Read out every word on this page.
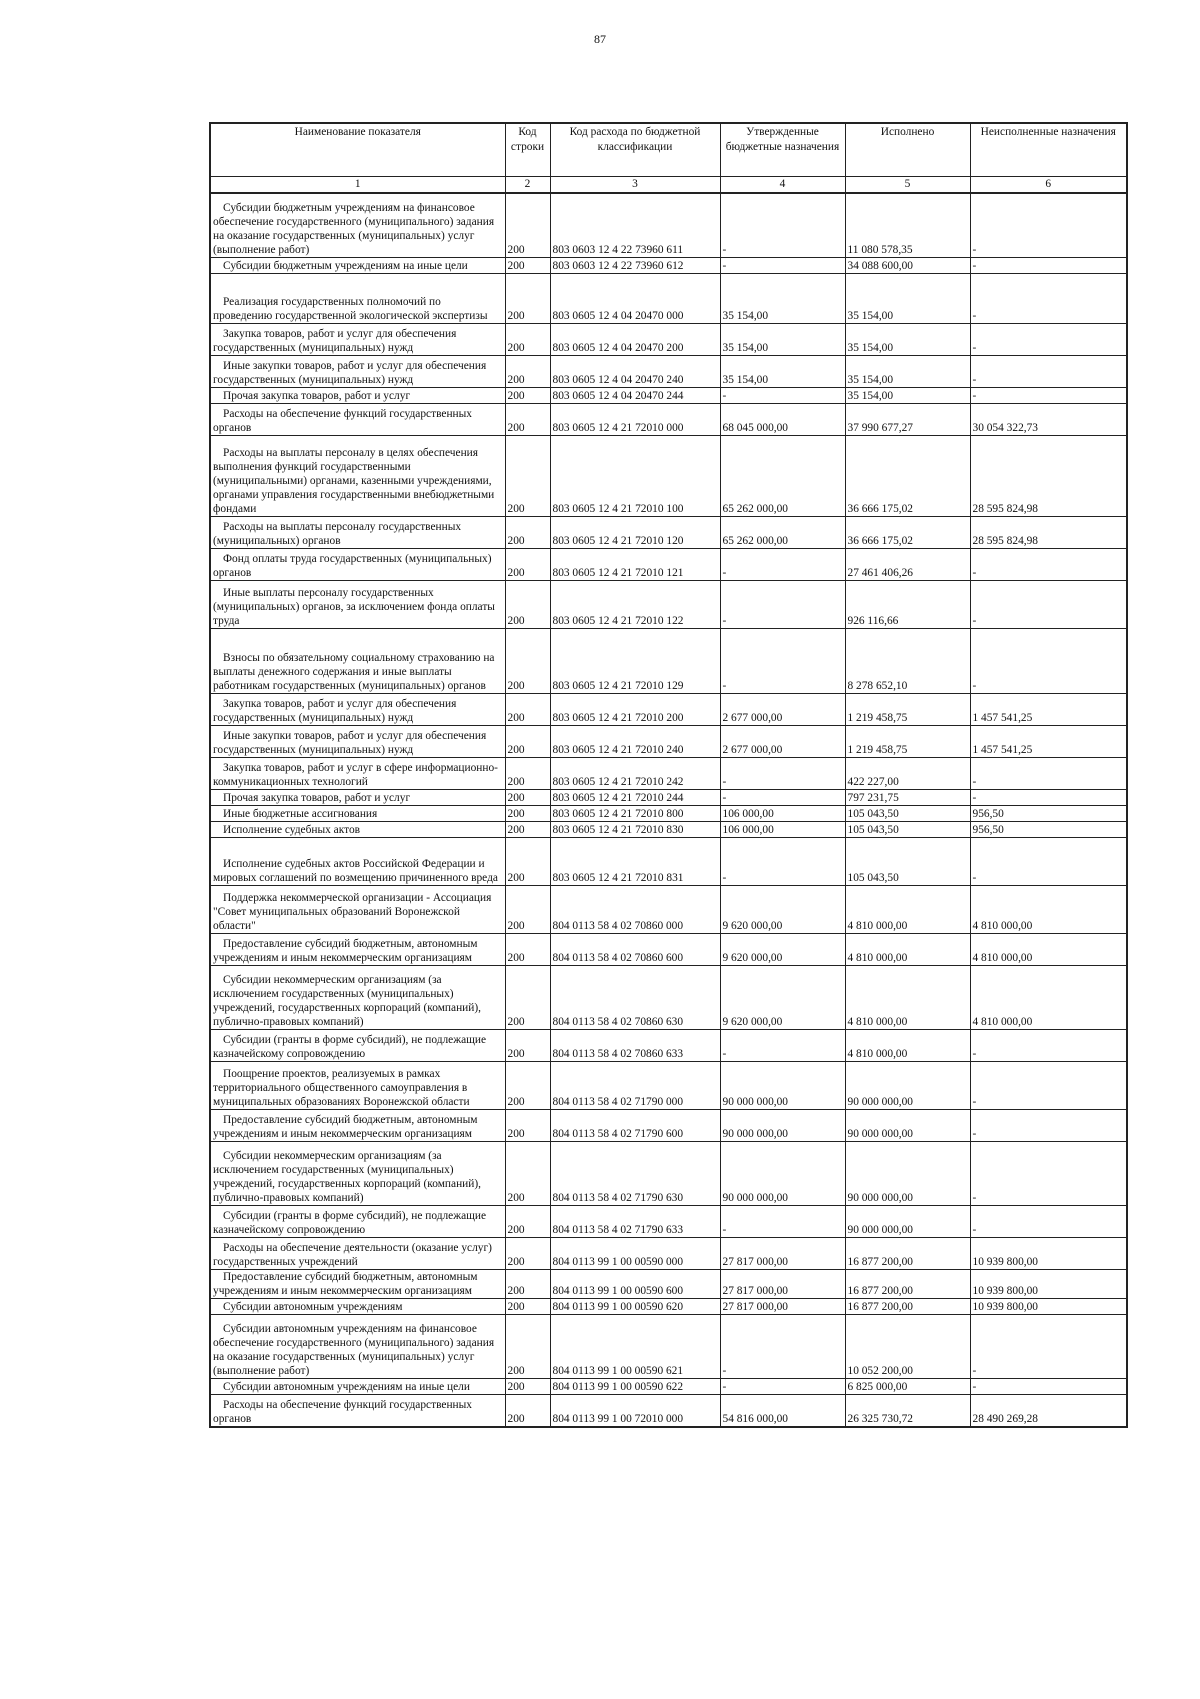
87
Наименование показателя	Код строки	Код расхода по бюджетной классификации	Утвержденные бюджетные назначения	Исполнено	Неисполненные назначения
1	2	3	4	5	6
Субсидии бюджетным учреждениям на финансовое обеспечение государственного (муниципального) задания на оказание государственных (муниципальных) услуг (выполнение работ)	200	803 0603 12 4 22 73960 611	-	11 080 578,35	-
Субсидии бюджетным учреждениям на иные цели	200	803 0603 12 4 22 73960 612	-	34 088 600,00	-
Реализация государственных полномочий по проведению государственной экологической экспертизы	200	803 0605 12 4 04 20470 000	35 154,00	35 154,00	-
Закупка товаров, работ и услуг для обеспечения государственных (муниципальных) нужд	200	803 0605 12 4 04 20470 200	35 154,00	35 154,00	-
Иные закупки товаров, работ и услуг для обеспечения государственных (муниципальных) нужд	200	803 0605 12 4 04 20470 240	35 154,00	35 154,00	-
Прочая закупка товаров, работ и услуг	200	803 0605 12 4 04 20470 244	-	35 154,00	-
Расходы на обеспечение функций государственных органов	200	803 0605 12 4 21 72010 000	68 045 000,00	37 990 677,27	30 054 322,73
Расходы на выплаты персоналу в целях обеспечения выполнения функций государственными (муниципальными) органами, казенными учреждениями, органами управления государственными внебюджетными фондами	200	803 0605 12 4 21 72010 100	65 262 000,00	36 666 175,02	28 595 824,98
Расходы на выплаты персоналу государственных (муниципальных) органов	200	803 0605 12 4 21 72010 120	65 262 000,00	36 666 175,02	28 595 824,98
Фонд оплаты труда государственных (муниципальных) органов	200	803 0605 12 4 21 72010 121	-	27 461 406,26	-
Иные выплаты персоналу государственных (муниципальных) органов, за исключением фонда оплаты труда	200	803 0605 12 4 21 72010 122	-	926 116,66	-
Взносы по обязательному социальному страхованию на выплаты денежного содержания и иные выплаты работникам государственных (муниципальных) органов	200	803 0605 12 4 21 72010 129	-	8 278 652,10	-
Закупка товаров, работ и услуг для обеспечения государственных (муниципальных) нужд	200	803 0605 12 4 21 72010 200	2 677 000,00	1 219 458,75	1 457 541,25
Иные закупки товаров, работ и услуг для обеспечения государственных (муниципальных) нужд	200	803 0605 12 4 21 72010 240	2 677 000,00	1 219 458,75	1 457 541,25
Закупка товаров, работ и услуг в сфере информационно-коммуникационных технологий	200	803 0605 12 4 21 72010 242	-	422 227,00	-
Прочая закупка товаров, работ и услуг	200	803 0605 12 4 21 72010 244	-	797 231,75	-
Иные бюджетные ассигнования	200	803 0605 12 4 21 72010 800	106 000,00	105 043,50	956,50
Исполнение судебных актов	200	803 0605 12 4 21 72010 830	106 000,00	105 043,50	956,50
Исполнение судебных актов Российской Федерации и мировых соглашений по возмещению причиненного вреда	200	803 0605 12 4 21 72010 831	-	105 043,50	-
Поддержка некоммерческой организации - Ассоциация "Совет муниципальных образований Воронежской области"	200	804 0113 58 4 02 70860 000	9 620 000,00	4 810 000,00	4 810 000,00
Предоставление субсидий бюджетным, автономным учреждениям и иным некоммерческим организациям	200	804 0113 58 4 02 70860 600	9 620 000,00	4 810 000,00	4 810 000,00
Субсидии некоммерческим организациям (за исключением государственных (муниципальных) учреждений, государственных корпораций (компаний), публично-правовых компаний)	200	804 0113 58 4 02 70860 630	9 620 000,00	4 810 000,00	4 810 000,00
Субсидии (гранты в форме субсидий), не подлежащие казначейскому сопровождению	200	804 0113 58 4 02 70860 633	-	4 810 000,00	-
Поощрение проектов, реализуемых в рамках территориального общественного самоуправления в муниципальных образованиях Воронежской области	200	804 0113 58 4 02 71790 000	90 000 000,00	90 000 000,00	-
Предоставление субсидий бюджетным, автономным учреждениям и иным некоммерческим организациям	200	804 0113 58 4 02 71790 600	90 000 000,00	90 000 000,00	-
Субсидии некоммерческим организациям (за исключением государственных (муниципальных) учреждений, государственных корпораций (компаний), публично-правовых компаний)	200	804 0113 58 4 02 71790 630	90 000 000,00	90 000 000,00	-
Субсидии (гранты в форме субсидий), не подлежащие казначейскому сопровождению	200	804 0113 58 4 02 71790 633	-	90 000 000,00	-
Расходы на обеспечение деятельности (оказание услуг) государственных учреждений	200	804 0113 99 1 00 00590 000	27 817 000,00	16 877 200,00	10 939 800,00
Предоставление субсидий бюджетным, автономным учреждениям и иным некоммерческим организациям	200	804 0113 99 1 00 00590 600	27 817 000,00	16 877 200,00	10 939 800,00
Субсидии автономным учреждениям	200	804 0113 99 1 00 00590 620	27 817 000,00	16 877 200,00	10 939 800,00
Субсидии автономным учреждениям на финансовое обеспечение государственного (муниципального) задания на оказание государственных (муниципальных) услуг (выполнение работ)	200	804 0113 99 1 00 00590 621	-	10 052 200,00	-
Субсидии автономным учреждениям на иные цели	200	804 0113 99 1 00 00590 622	-	6 825 000,00	-
Расходы на обеспечение функций государственных органов	200	804 0113 99 1 00 72010 000	54 816 000,00	26 325 730,72	28 490 269,28
